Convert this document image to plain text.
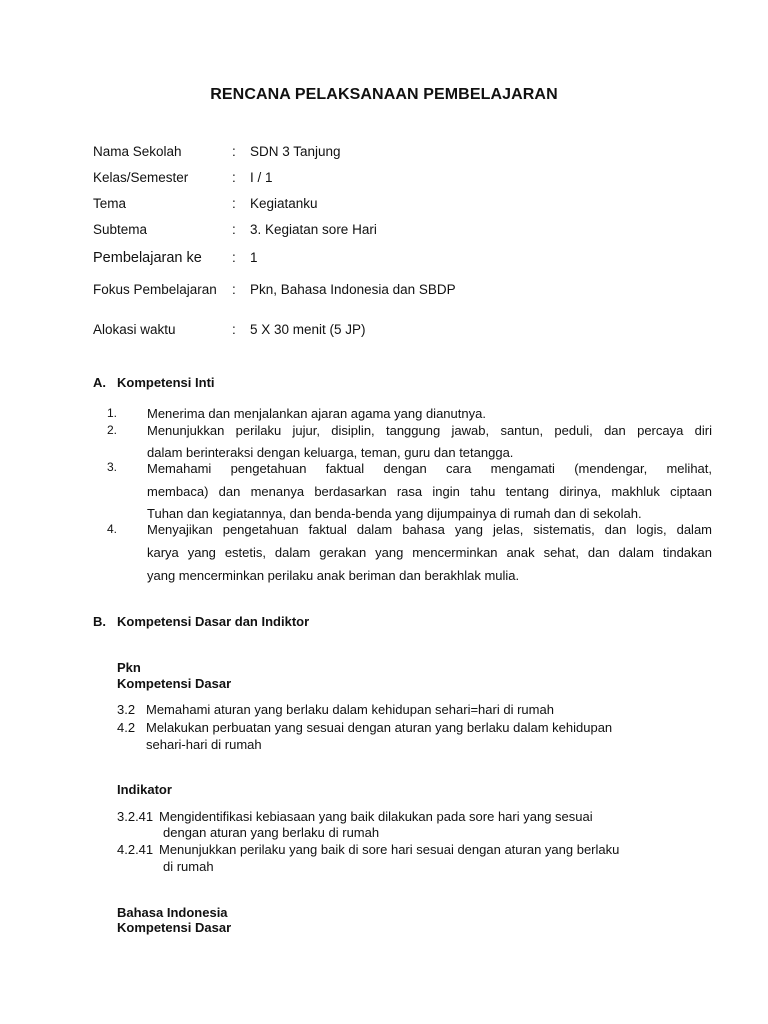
RENCANA PELAKSANAAN PEMBELAJARAN
Nama Sekolah	: SDN 3 Tanjung
Kelas/Semester	: I / 1
Tema	: Kegiatanku
Subtema	: 3. Kegiatan sore Hari
Pembelajaran ke : 1
Fokus Pembelajaran : Pkn, Bahasa Indonesia dan SBDP
Alokasi waktu	: 5 X 30 menit (5 JP)
A. Kompetensi Inti
1. Menerima dan menjalankan ajaran agama yang dianutnya.
2. Menunjukkan perilaku jujur, disiplin, tanggung jawab, santun, peduli, dan percaya diri
dalam berinteraksi dengan keluarga, teman, guru dan tetangga.
3. Memahami pengetahuan faktual dengan cara mengamati (mendengar, melihat,
membaca) dan menanya berdasarkan rasa ingin tahu tentang dirinya, makhluk ciptaan
Tuhan dan kegiatannya, dan benda-benda yang dijumpainya di rumah dan di sekolah.
4. Menyajikan pengetahuan faktual dalam bahasa yang jelas, sistematis, dan logis, dalam
karya yang estetis, dalam gerakan yang mencerminkan anak sehat, dan dalam tindakan
yang mencerminkan perilaku anak beriman dan berakhlak mulia.
B. Kompetensi Dasar dan Indiktor
Pkn
Kompetensi Dasar
3.2 Memahami aturan yang berlaku dalam kehidupan sehari=hari di rumah
4.2 Melakukan perbuatan yang sesuai dengan aturan yang berlaku dalam kehidupan
sehari-hari di rumah
Indikator
3.2.41 Mengidentifikasi kebiasaan yang baik dilakukan pada sore hari yang sesuai
dengan aturan yang berlaku di rumah
4.2.41 Menunjukkan perilaku yang baik di sore hari sesuai dengan aturan yang berlaku
di rumah
Bahasa Indonesia
Kompetensi Dasar
